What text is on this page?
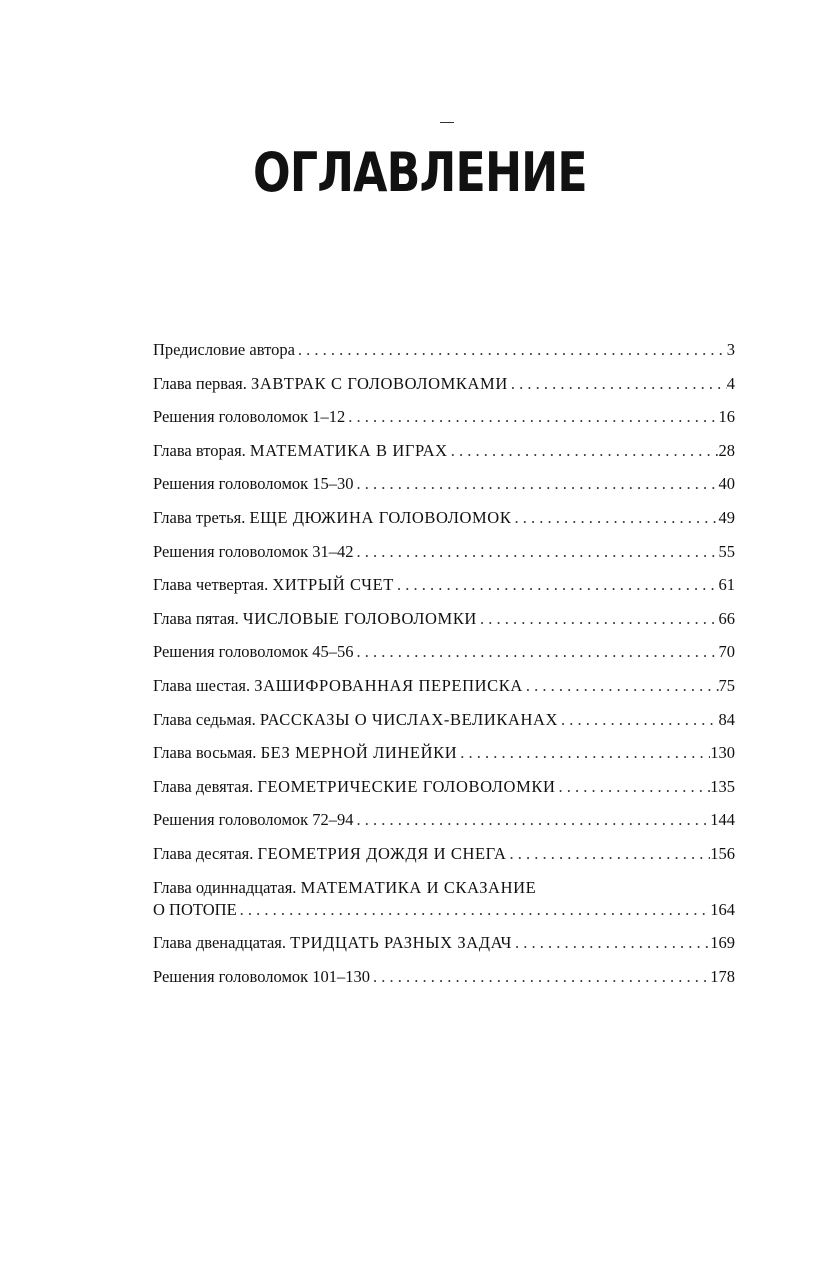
ОГЛАВЛЕНИЕ
Предисловие автора . . .	3
Глава первая. ЗАВТРАК С ГОЛОВОЛОМКАМИ . . .	4
Решения головоломок 1–12 . . .	16
Глава вторая. МАТЕМАТИКА В ИГРАХ . . .	28
Решения головоломок 15–30 . . .	40
Глава третья. ЕЩЕ ДЮЖИНА ГОЛОВОЛОМОК . . .	49
Решения головоломок 31–42 . . .	55
Глава четвертая. ХИТРЫЙ СЧЕТ . . .	61
Глава пятая. ЧИСЛОВЫЕ ГОЛОВОЛОМКИ . . .	66
Решения головоломок 45–56 . . .	70
Глава шестая. ЗАШИФРОВАННАЯ ПЕРЕПИСКА . . .	75
Глава седьмая. РАССКАЗЫ О ЧИСЛАХ-ВЕЛИКАНАХ . . .	84
Глава восьмая. БЕЗ МЕРНОЙ ЛИНЕЙКИ . . .	130
Глава девятая. ГЕОМЕТРИЧЕСКИЕ ГОЛОВОЛОМКИ . . .	135
Решения головоломок 72–94 . . .	144
Глава десятая. ГЕОМЕТРИЯ ДОЖДЯ И СНЕГА . . .	156
Глава одиннадцатая. МАТЕМАТИКА И СКАЗАНИЕ
О ПОТОПЕ . . .	164
Глава двенадцатая. ТРИДЦАТЬ РАЗНЫХ ЗАДАЧ . . .	169
Решения головоломок 101–130 . . .	178
